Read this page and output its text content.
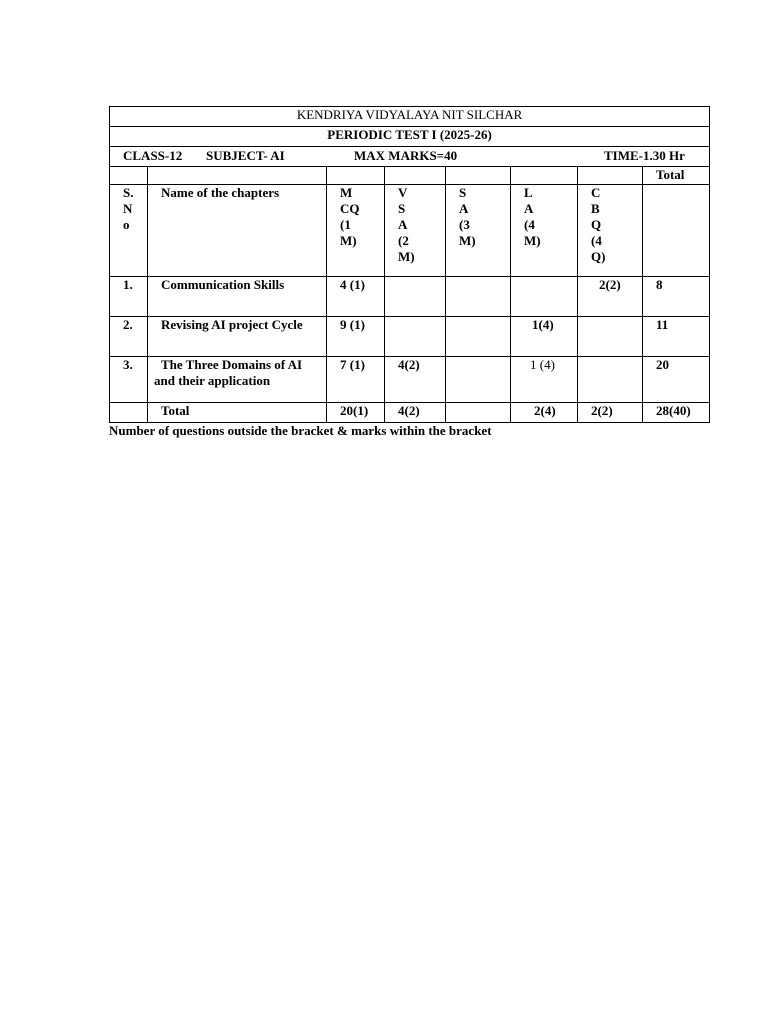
KENDRIYA VIDYALAYA NIT SILCHAR							
PERIODIC TEST I (2025-26)							

CLASS-12 SUBJECT- AI MAX MARKS=40 TIME-1.30 Hr							

							Total

S.No	Name of the chapters	MCQ(1M)	VSA(2M)	SA(3M)	LA(4M)	CBQ(4Q)	

1.	Communication Skills	4 (1)				2(2)	8
2.	Revising AI project Cycle	9 (1)			1(4)		11
3.	The Three Domains of AI
and their application	7 (1)	4(2)		1 (4)		20
	Total	20(1)	4(2)		2(4)	2(2)	28(40)
Number of questions outside the bracket & marks within the bracket
